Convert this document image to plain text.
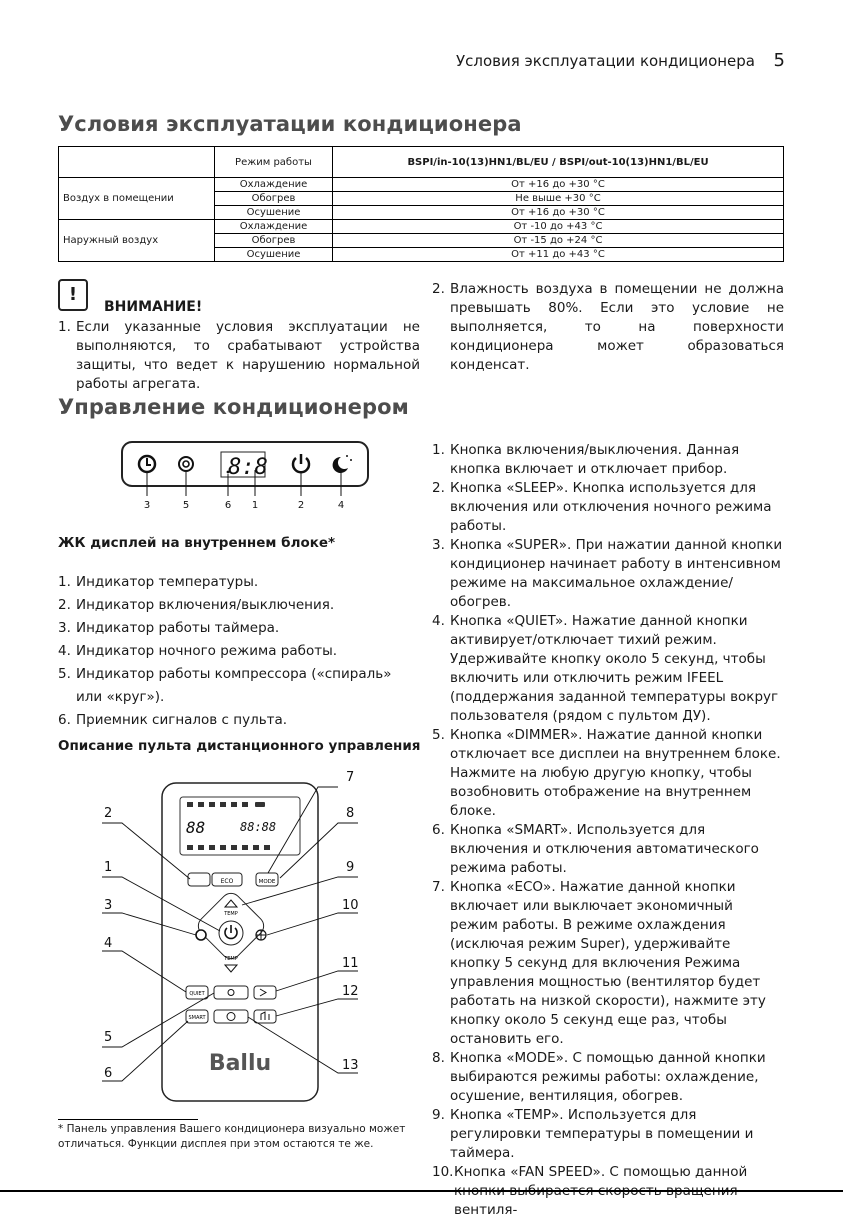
Условия эксплуатации кондиционера 5
Условия эксплуатации кондиционера
	Режим работы	BSPI/in-10(13)HN1/BL/EU / BSPI/out-10(13)HN1/BL/EU
Воздух в помещении	Охлаждение	От +16 до +30 °C
	Обогрев	Не выше +30 °C
	Осушение	От +16 до +30 °C
Наружный воздух	Охлаждение	От -10 до +43 °C
	Обогрев	От -15 до +24 °C
	Осушение	От +11 до +43 °C
!
ВНИМАНИЕ!
1. Если указанные условия эксплуатации не выполняются, то срабатывают устройства защиты, что ведет к нарушению нормальной работы агрегата.
2. Влажность воздуха в помещении не должна превышать 80%. Если это условие не выполняется, то на поверхности кондиционера может образоваться конденсат.
Управление кондиционером
8:8
3	5	6 1	2	4
ЖК дисплей на внутреннем блоке*
1. Индикатор температуры.
2. Индикатор включения/выключения.
3. Индикатор работы таймера.
4. Индикатор ночного режима работы.
5. Индикатор работы компрессора («спираль» или «круг»).
6. Приемник сигналов с пульта.
Описание пульта дистанционного управления
88	88:88
ECO	MODE
TEMP
TEMP
QUIET
SMART
Ballu
7
8
9
10
11
12
13
2
1
3
4
5
6
1. Кнопка включения/выключения. Данная кнопка включает и отключает прибор.
2. Кнопка «SLEEP». Кнопка используется для включения или отключения ночного режима работы.
3. Кнопка «SUPER». При нажатии данной кнопки кондиционер начинает работу в интенсивном режиме на максимальное охлаждение/обогрев.
4. Кнопка «QUIET». Нажатие данной кнопки активирует/отключает тихий режим. Удерживайте кнопку около 5 секунд, чтобы включить или отключить режим IFEEL (поддержания заданной температуры вокруг пользователя (рядом с пультом ДУ).
5. Кнопка «DIMMER». Нажатие данной кнопки отключает все дисплеи на внутреннем блоке. Нажмите на любую другую кнопку, чтобы возобновить отображение на внутреннем блоке.
6. Кнопка «SMART». Используется для включения и отключения автоматического режима работы.
7. Кнопка «ECO». Нажатие данной кнопки включает или выключает экономичный режим работы. В режиме охлаждения (исключая режим Super), удерживайте кнопку 5 секунд для включения Режима управления мощностью (вентилятор будет работать на низкой скорости), нажмите эту кнопку около 5 секунд еще раз, чтобы остановить его.
8. Кнопка «MODE». С помощью данной кнопки выбираются режимы работы: охлаждение, осушение, вентиляция, обогрев.
9. Кнопка «TEMP». Используется для регулировки температуры в помещении и таймера.
10. Кнопка «FAN SPEED». С помощью данной кнопки выбирается скорость вращения вентиля-
* Панель управления Вашего кондиционера визуально может отличаться. Функции дисплея при этом остаются те же.
